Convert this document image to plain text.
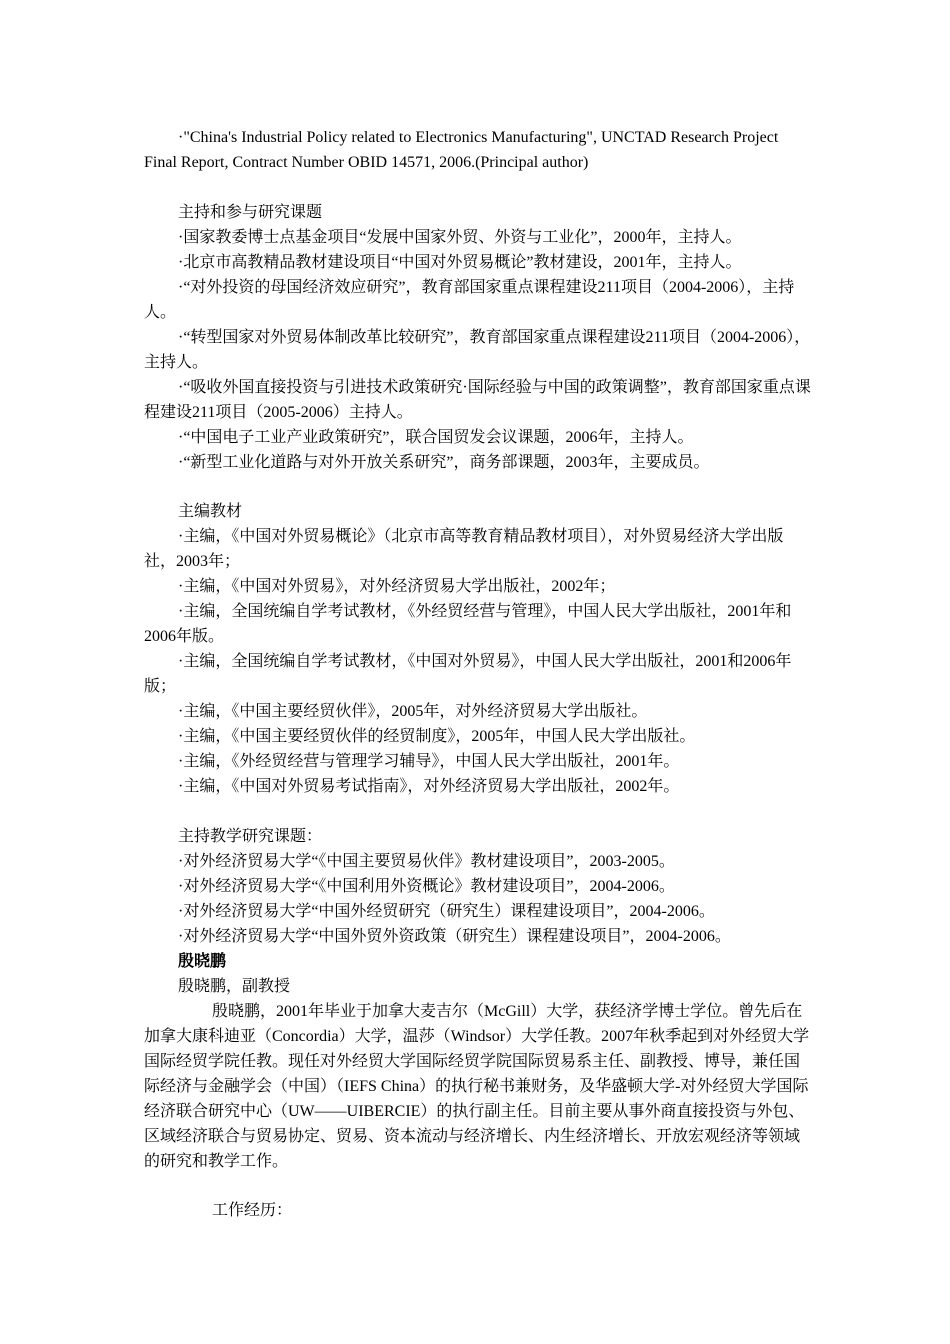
·"China's Industrial Policy related to Electronics Manufacturing", UNCTAD Research Project Final Report, Contract Number OBID 14571, 2006.(Principal author)
主持和参与研究课题
·国家教委博士点基金项目“发展中国家外贸、外资与工业化”，2000年，主持人。
·北京市高教精品教材建设项目“中国对外贸易概论”教材建设，2001年，主持人。
·“对外投资的母国经济效应研究”，教育部国家重点课程建设211项目（2004-2006），主持人。
·“转型国家对外贸易体制改革比较研究”，教育部国家重点课程建设211项目（2004-2006），主持人。
·“吸收外国直接投资与引进技术政策研究·国际经验与中国的政策调整”，教育部国家重点课程建设211项目（2005-2006）主持人。
·“中国电子工业产业政策研究”，联合国贸发会议课题，2006年，主持人。
·“新型工业化道路与对外开放关系研究”，商务部课题，2003年，主要成员。
主编教材
·主编，《中国对外贸易概论》（北京市高等教育精品教材项目），对外贸易经济大学出版社，2003年；
·主编，《中国对外贸易》，对外经济贸易大学出版社，2002年；
·主编，全国统编自学考试教材，《外经贸经营与管理》，中国人民大学出版社，2001年和2006年版。
·主编，全国统编自学考试教材，《中国对外贸易》，中国人民大学出版社，2001和2006年版；
·主编，《中国主要经贸伙伴》，2005年，对外经济贸易大学出版社。
·主编，《中国主要经贸伙伴的经贸制度》，2005年，中国人民大学出版社。
·主编，《外经贸经营与管理学习辅导》，中国人民大学出版社，2001年。
·主编，《中国对外贸易考试指南》，对外经济贸易大学出版社，2002年。
主持教学研究课题：
·对外经济贸易大学“《中国主要贸易伙伴》教材建设项目”，2003-2005。
·对外经济贸易大学“《中国利用外资概论》教材建设项目”，2004-2006。
·对外经济贸易大学“中国外经贸研究（研究生）课程建设项目”，2004-2006。
·对外经济贸易大学“中国外贸外资政策（研究生）课程建设项目”，2004-2006。
殷晓鹏
殷晓鹏，副教授
殷晓鹏，2001年毕业于加拿大麦吉尔（McGill）大学，获经济学博士学位。曾先后在加拿大康科迪亚（Concordia）大学，温莎（Windsor）大学任教。2007年秋季起到对外经贸大学国际经贸学院任教。现任对外经贸大学国际经贸学院国际贸易系主任、副教授、博导，兼任国际经济与金融学会（中国）（IEFS China）的执行秘书兼财务，及华盛顿大学-对外经贸大学国际经济联合研究中心（UW——UIBERCIE）的执行副主任。目前主要从事外商直接投资与外包、区域经济联合与贸易协定、贸易、资本流动与经济增长、内生经济增长、开放宏观经济等领域的研究和教学工作。
工作经历：
